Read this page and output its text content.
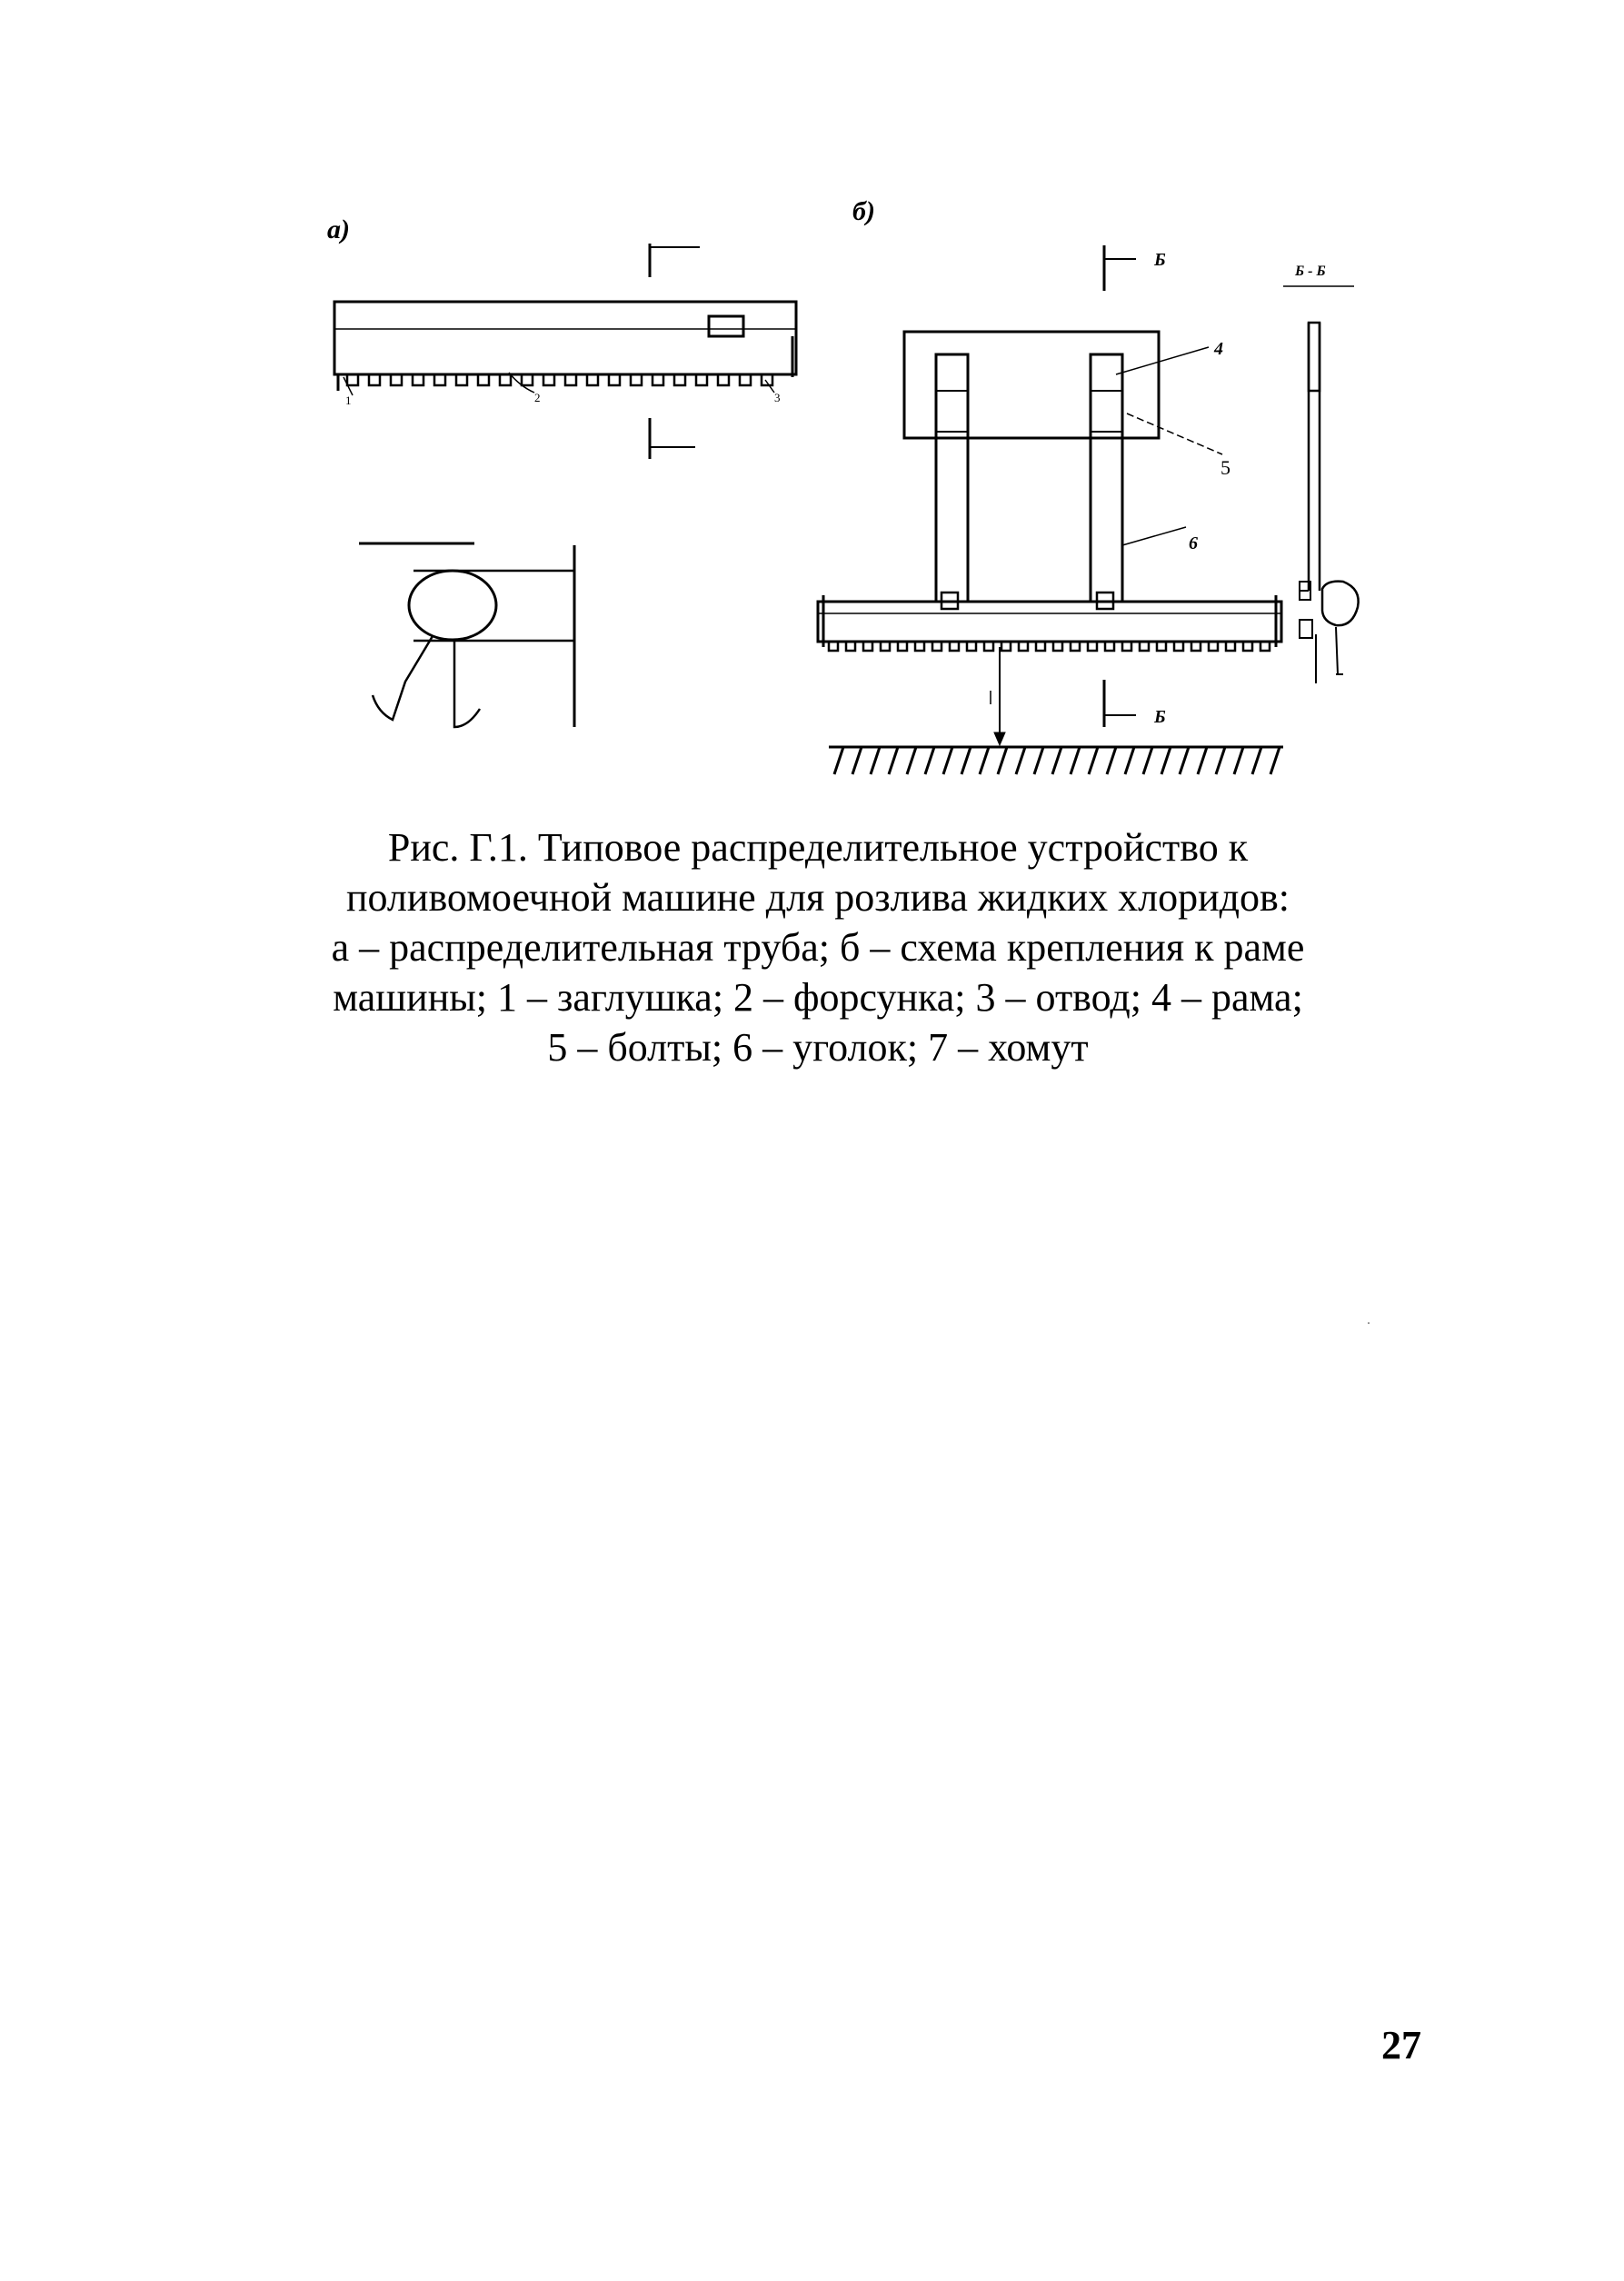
а)
1	2	3
б)
Б
Б
Б - Б
4
5
6
Рис. Г.1. Типовое распределительное устройство к
поливомоечной машине для розлива жидких хлоридов:
а – распределительная труба; б – схема крепления к раме
машины; 1 – заглушка; 2 – форсунка; 3 – отвод; 4 – рама;
5 – болты; 6 – уголок; 7 – хомут
27
